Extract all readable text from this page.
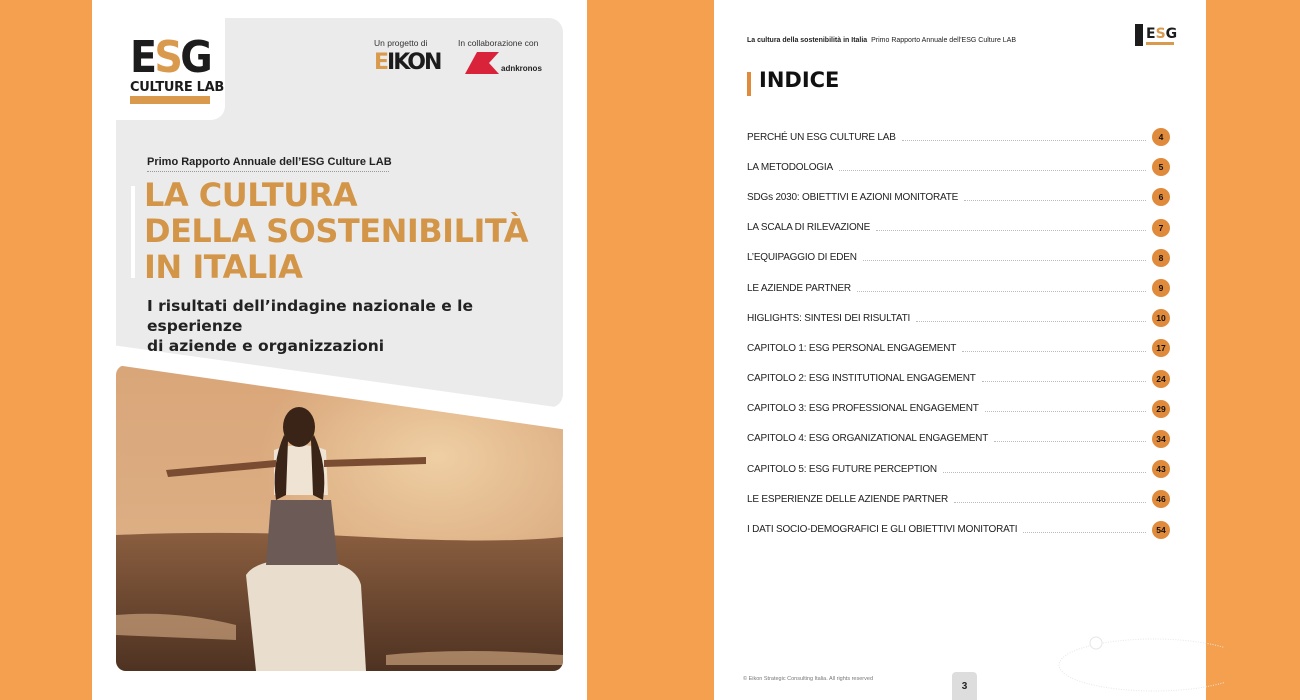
ESG
CULTURE LAB
Un progetto di	In collaborazione con
EIKON	adnkronos
Primo Rapporto Annuale dell’ESG Culture LAB
LA CULTURA
DELLA SOSTENIBILITÀ
IN ITALIA
I risultati dell’indagine nazionale e le esperienze
di aziende e organizzazioni
La cultura della sostenibilità in Italia Primo Rapporto Annuale dell'ESG Culture LAB	ESG
INDICE
PERCHÉ UN ESG CULTURE LAB	4
LA METODOLOGIA	5
SDGs 2030: OBIETTIVI E AZIONI MONITORATE	6
LA SCALA DI RILEVAZIONE	7
L’EQUIPAGGIO DI EDEN	8
LE AZIENDE PARTNER	9
HIGLIGHTS: SINTESI DEI RISULTATI	10
CAPITOLO 1: ESG PERSONAL ENGAGEMENT	17
CAPITOLO 2: ESG INSTITUTIONAL ENGAGEMENT	24
CAPITOLO 3: ESG PROFESSIONAL ENGAGEMENT	29
CAPITOLO 4: ESG ORGANIZATIONAL ENGAGEMENT	34
CAPITOLO 5: ESG FUTURE PERCEPTION	43
LE ESPERIENZE DELLE AZIENDE PARTNER	46
I DATI SOCIO-DEMOGRAFICI E GLI OBIETTIVI MONITORATI	54
© Eikon Strategic Consulting Italia. All rights reserved
3
